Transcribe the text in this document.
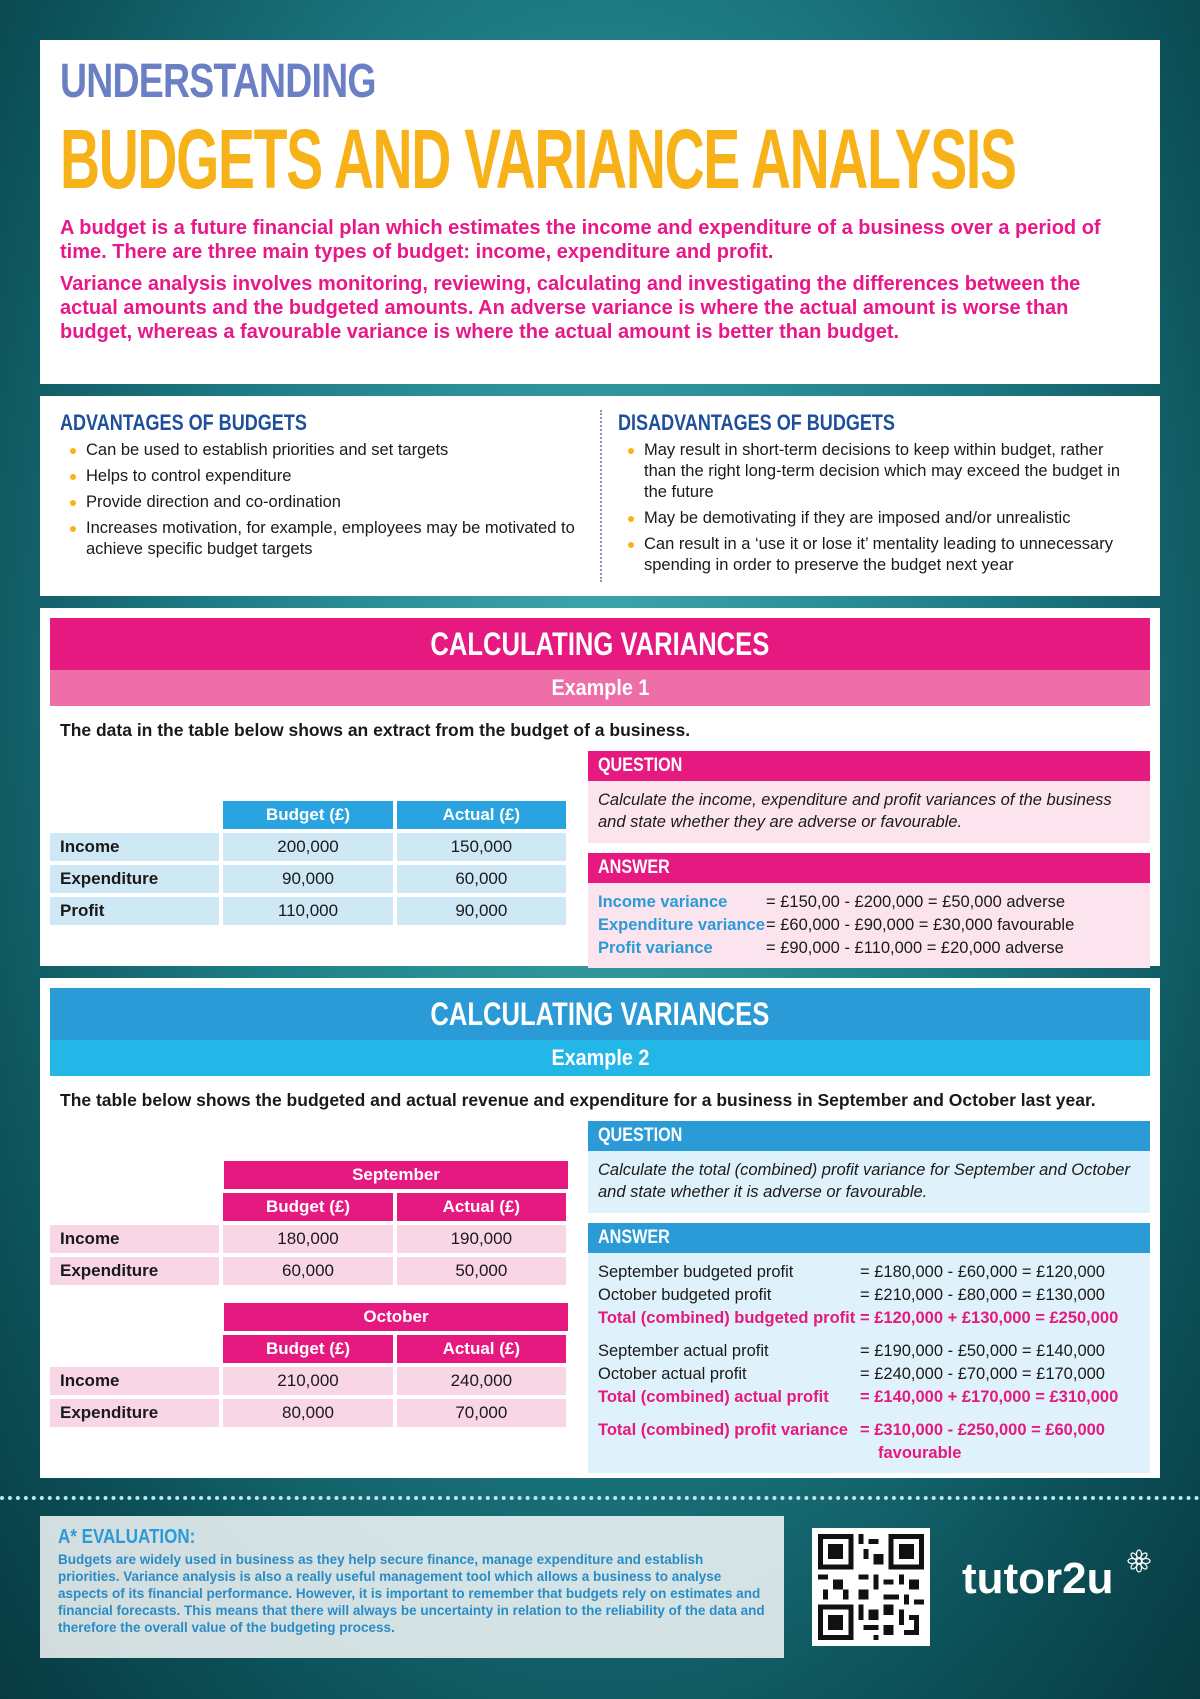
UNDERSTANDING
BUDGETS AND VARIANCE ANALYSIS

A budget is a future financial plan which estimates the income and expenditure of a business over a period of time. There are three main types of budget: income, expenditure and profit.

Variance analysis involves monitoring, reviewing, calculating and investigating the differences between the actual amounts and the budgeted amounts. An adverse variance is where the actual amount is worse than budget, whereas a favourable variance is where the actual amount is better than budget.

ADVANTAGES OF BUDGETS
Can be used to establish priorities and set targets
Helps to control expenditure
Provide direction and co-ordination
Increases motivation, for example, employees may be motivated to achieve specific budget targets
DISADVANTAGES OF BUDGETS
May result in short-term decisions to keep within budget, rather than the right long-term decision which may exceed the budget in the future
May be demotivating if they are imposed and/or unrealistic
Can result in a ‘use it or lose it’ mentality leading to unnecessary spending in order to preserve the budget next year
CALCULATING VARIANCES
Example 1
The data in the table below shows an extract from the budget of a business.
Budget (£)	Actual (£)
Income	200,000	150,000
Expenditure	90,000	60,000
Profit	110,000	90,000
QUESTION
Calculate the income, expenditure and profit variances of the business and state whether they are adverse or favourable.
ANSWER
Income variance	= £150,00 - £200,000 = £50,000 adverse
Expenditure variance = £60,000 - £90,000 = £30,000 favourable
Profit variance	= £90,000 - £110,000 = £20,000 adverse
CALCULATING VARIANCES
Example 2
The table below shows the budgeted and actual revenue and expenditure for a business in September and October last year.
September
Budget (£)	Actual (£)
Income	180,000	190,000
Expenditure	60,000	50,000
October
Budget (£)	Actual (£)
Income	210,000	240,000
Expenditure	80,000	70,000
QUESTION
Calculate the total (combined) profit variance for September and October and state whether it is adverse or favourable.
ANSWER
September budgeted profit	= £180,000 - £60,000 = £120,000
October budgeted profit	= £210,000 - £80,000 = £130,000
Total (combined) budgeted profit = £120,000 + £130,000 = £250,000
September actual profit	= £190,000 - £50,000 = £140,000
October actual profit	= £240,000 - £70,000 = £170,000
Total (combined) actual profit	= £140,000 + £170,000 = £310,000
Total (combined) profit variance = £310,000 - £250,000 = £60,000
favourable
A* EVALUATION:
Budgets are widely used in business as they help secure finance, manage expenditure and establish priorities. Variance analysis is also a really useful management tool which allows a business to analyse aspects of its financial performance. However, it is important to remember that budgets rely on estimates and financial forecasts. This means that there will always be uncertainty in relation to the reliability of the data and therefore the overall value of the budgeting process.
tutor2u
